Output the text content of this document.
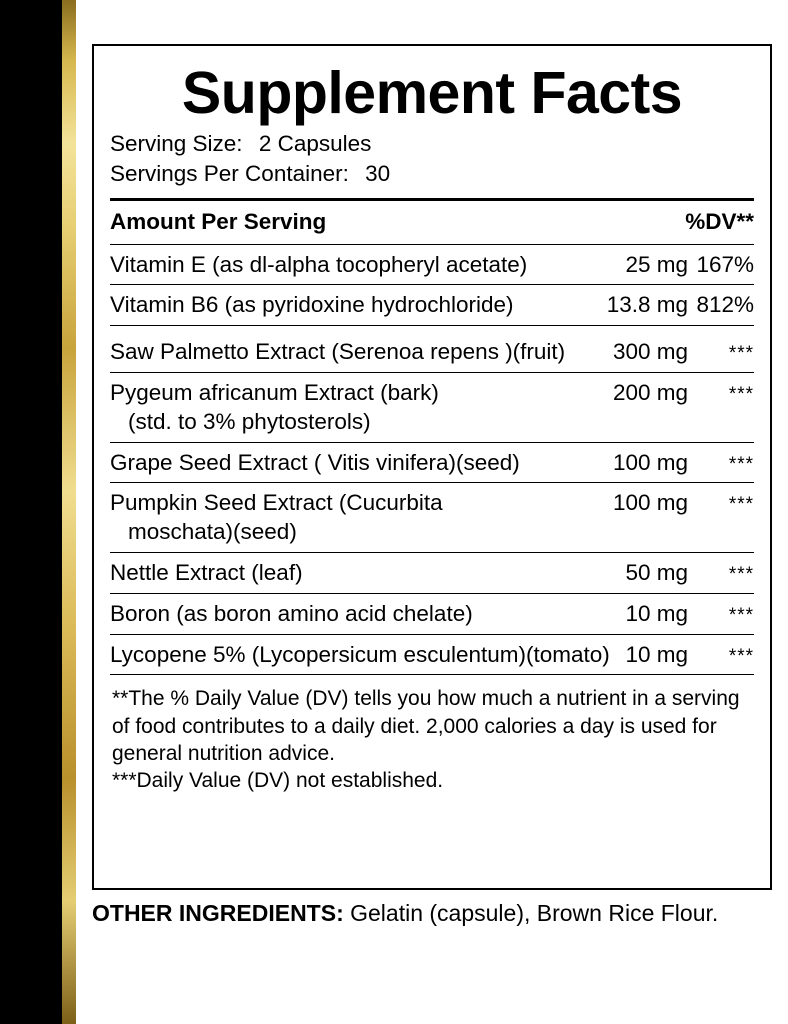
Supplement Facts
Serving Size: 2 Capsules
Servings Per Container: 30
Amount Per Serving	%DV**
Vitamin E (as dl-alpha tocopheryl acetate)	25 mg 167%
Vitamin B6 (as pyridoxine hydrochloride)	13.8 mg 812%
Saw Palmetto Extract (Serenoa repens )(fruit)	300 mg	***
Pygeum africanum Extract (bark)
(std. to 3% phytosterols)
200 mg	***
Grape Seed Extract ( Vitis vinifera)(seed)	100 mg	***
Pumpkin Seed Extract (Cucurbita
moschata)(seed)
100 mg	***
Nettle Extract (leaf)	50 mg	***
Boron (as boron amino acid chelate)	10 mg	***
Lycopene 5% (Lycopersicum esculentum)(tomato) 10 mg	***

**The % Daily Value (DV) tells you how much a nutrient in a serving of food contributes to a daily diet. 2,000 calories a day is used for general nutrition advice.

***Daily Value (DV) not established.

OTHER INGREDIENTS: Gelatin (capsule), Brown Rice Flour.
